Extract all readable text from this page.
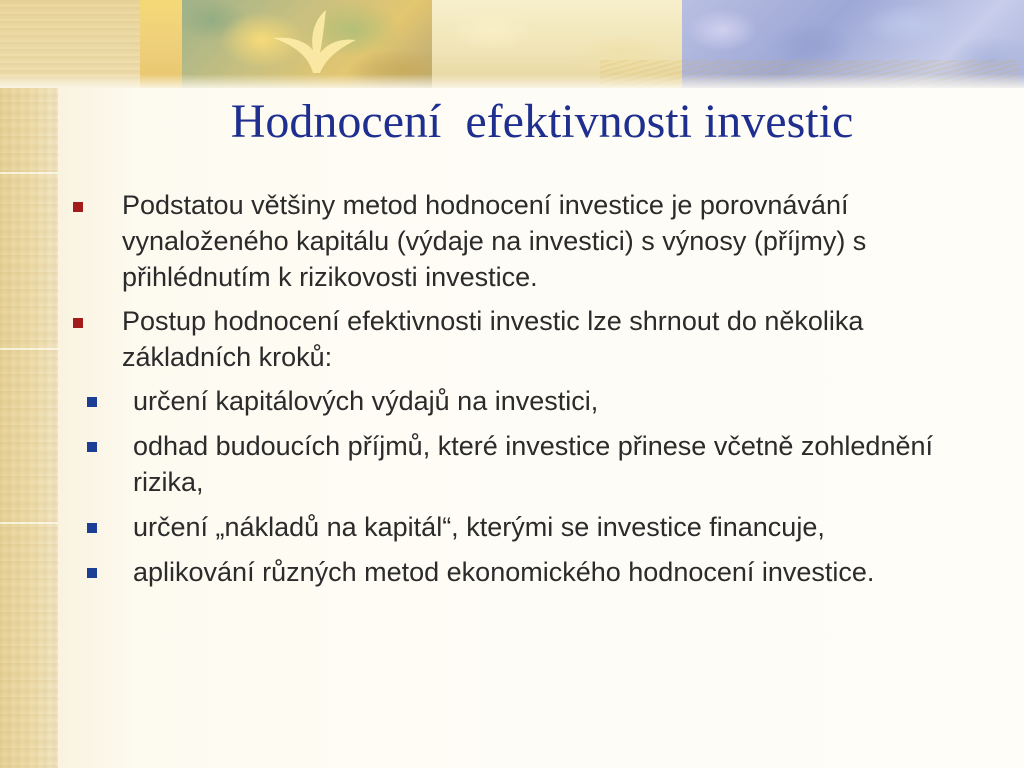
Hodnocení  efektivnosti investic
Podstatou většiny metod hodnocení investice je porovnávání vynaloženého kapitálu (výdaje na investici) s výnosy (příjmy) s přihlédnutím k rizikovosti investice.
Postup hodnocení efektivnosti investic lze shrnout do několika základních kroků:
určení kapitálových výdajů na investici,
odhad budoucích příjmů, které investice přinese včetně zohlednění rizika,
určení „nákladů na kapitál“, kterými se investice financuje,
aplikování různých metod ekonomického hodnocení investice.
